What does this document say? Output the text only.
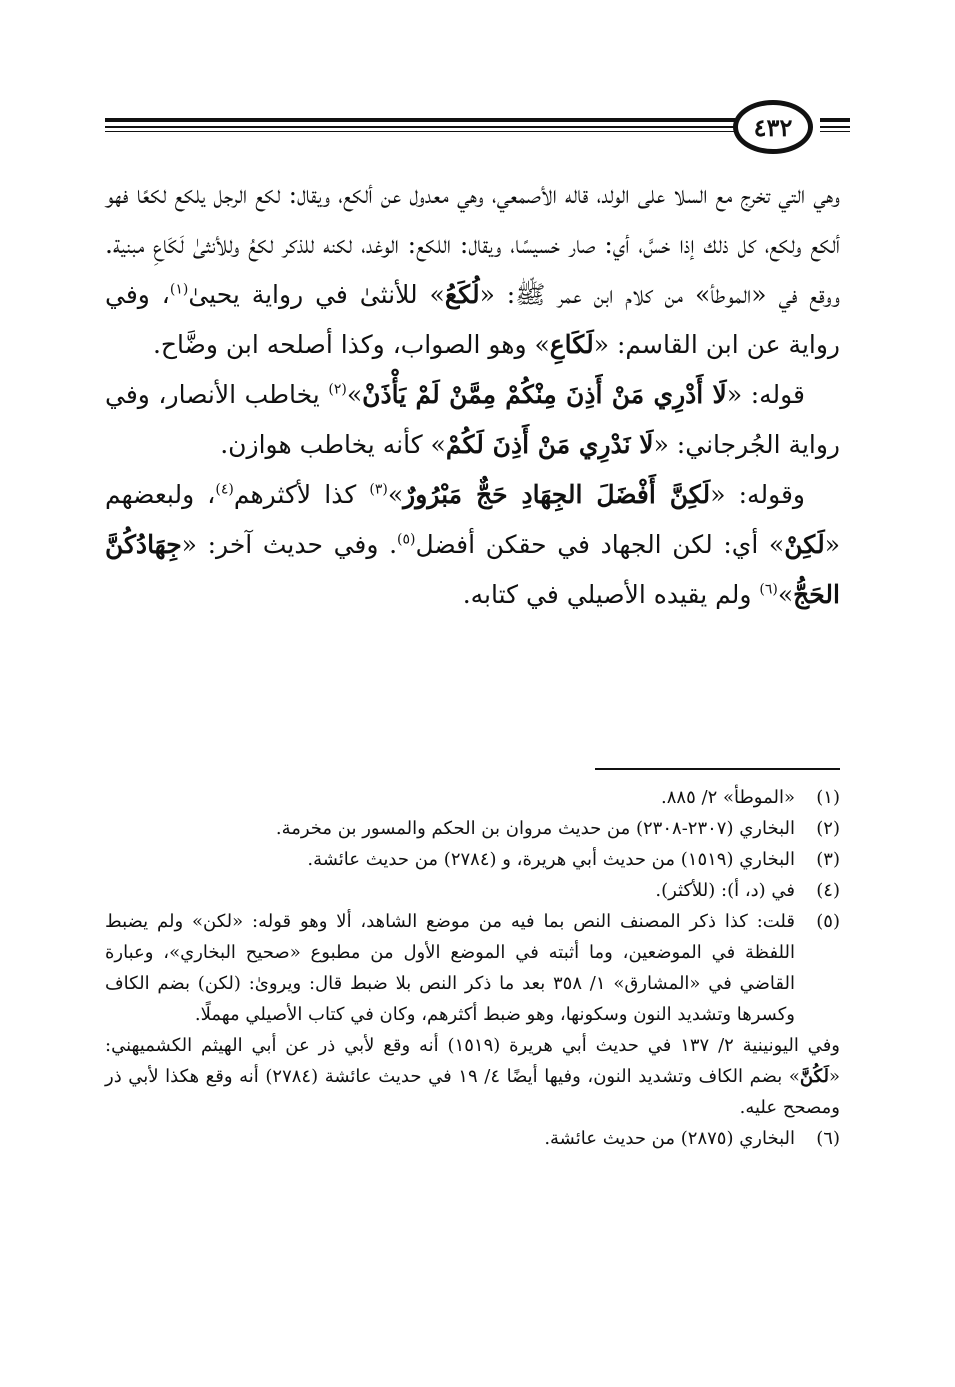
٤٣٢

وهي التي تخرج مع السلا على الولد، قاله الأصمعي، وهي معدول عن ألكع، ويقال: لكع الرجل يلكع لكعًا فهو ألكع ولكع، كل ذلك إذا خسَّ، أي: صار خسيسًا، ويقال: اللكع: الوغد، لكنه للذكر لكعُ وللأنثىٰ لَكَاعِ مبنية. ووقع في «الموطأ» من كلام ابن عمر ﷺ: «لُكَعُ» للأنثىٰ في رواية يحيىٰ$^{(١)}$، وفي رواية عن ابن القاسم: «لَكَاعِ» وهو الصواب، وكذا أصلحه ابن وضَّاح.

قوله: «لَا أَدْرِي مَنْ أَذِنَ مِنْكُمْ مِمَّنْ لَمْ يَأْذَنْ»$^{(٢)}$ يخاطب الأنصار، وفي رواية الجُرجاني: «لَا نَدْرِي مَنْ أَذِنَ لَكُمْ» كأنه يخاطب هوازن.

وقوله: «لَكِنَّ أَفْضَلَ الجِهَادِ حَجٌّ مَبْرُورٌ»$^{(٣)}$ كذا لأكثرهم$^{(٤)}$، ولبعضهم «لَكِنْ» أي: لكن الجهاد في حقكن أفضل$^{(٥)}$. وفي حديث آخر: «جِهَادُكُنَّ الحَجُّ»$^{(٦)}$ ولم يقيده الأصيلي في كتابه.

(١)
«الموطأ» ٢/ ٨٨٥.
(٢)
البخاري (٢٣٠٧-٢٣٠٨) من حديث مروان بن الحكم والمسور بن مخرمة.
(٣)
البخاري (١٥١٩) من حديث أبي هريرة، و (٢٧٨٤) من حديث عائشة.
(٤)
في (د، أ): (للأكثر).
(٥)
قلت: كذا ذكر المصنف النص بما فيه من موضع الشاهد، ألا وهو قوله: «لكن» ولم يضبط اللفظة في الموضعين، وما أثبته في الموضع الأول من مطبوع «صحيح البخاري»، وعبارة القاضي في «المشارق» ١/ ٣٥٨ بعد ما ذكر النص بلا ضبط قال: ويروىٰ: (لكن) بضم الكاف وكسرها وتشديد النون وسكونها، وهو ضبط أكثرهم، وكان في كتاب الأصيلي مهملًا.
وفي اليونينية ٢/ ١٣٧ في حديث أبي هريرة (١٥١٩) أنه وقع لأبي ذر عن أبي الهيثم الكشميهني: «لَكُنَّ» بضم الكاف وتشديد النون، وفيها أيضًا ٤/ ١٩ في حديث عائشة (٢٧٨٤) أنه وقع هكذا لأبي ذر ومصحح عليه.
(٦)
البخاري (٢٨٧٥) من حديث عائشة.
